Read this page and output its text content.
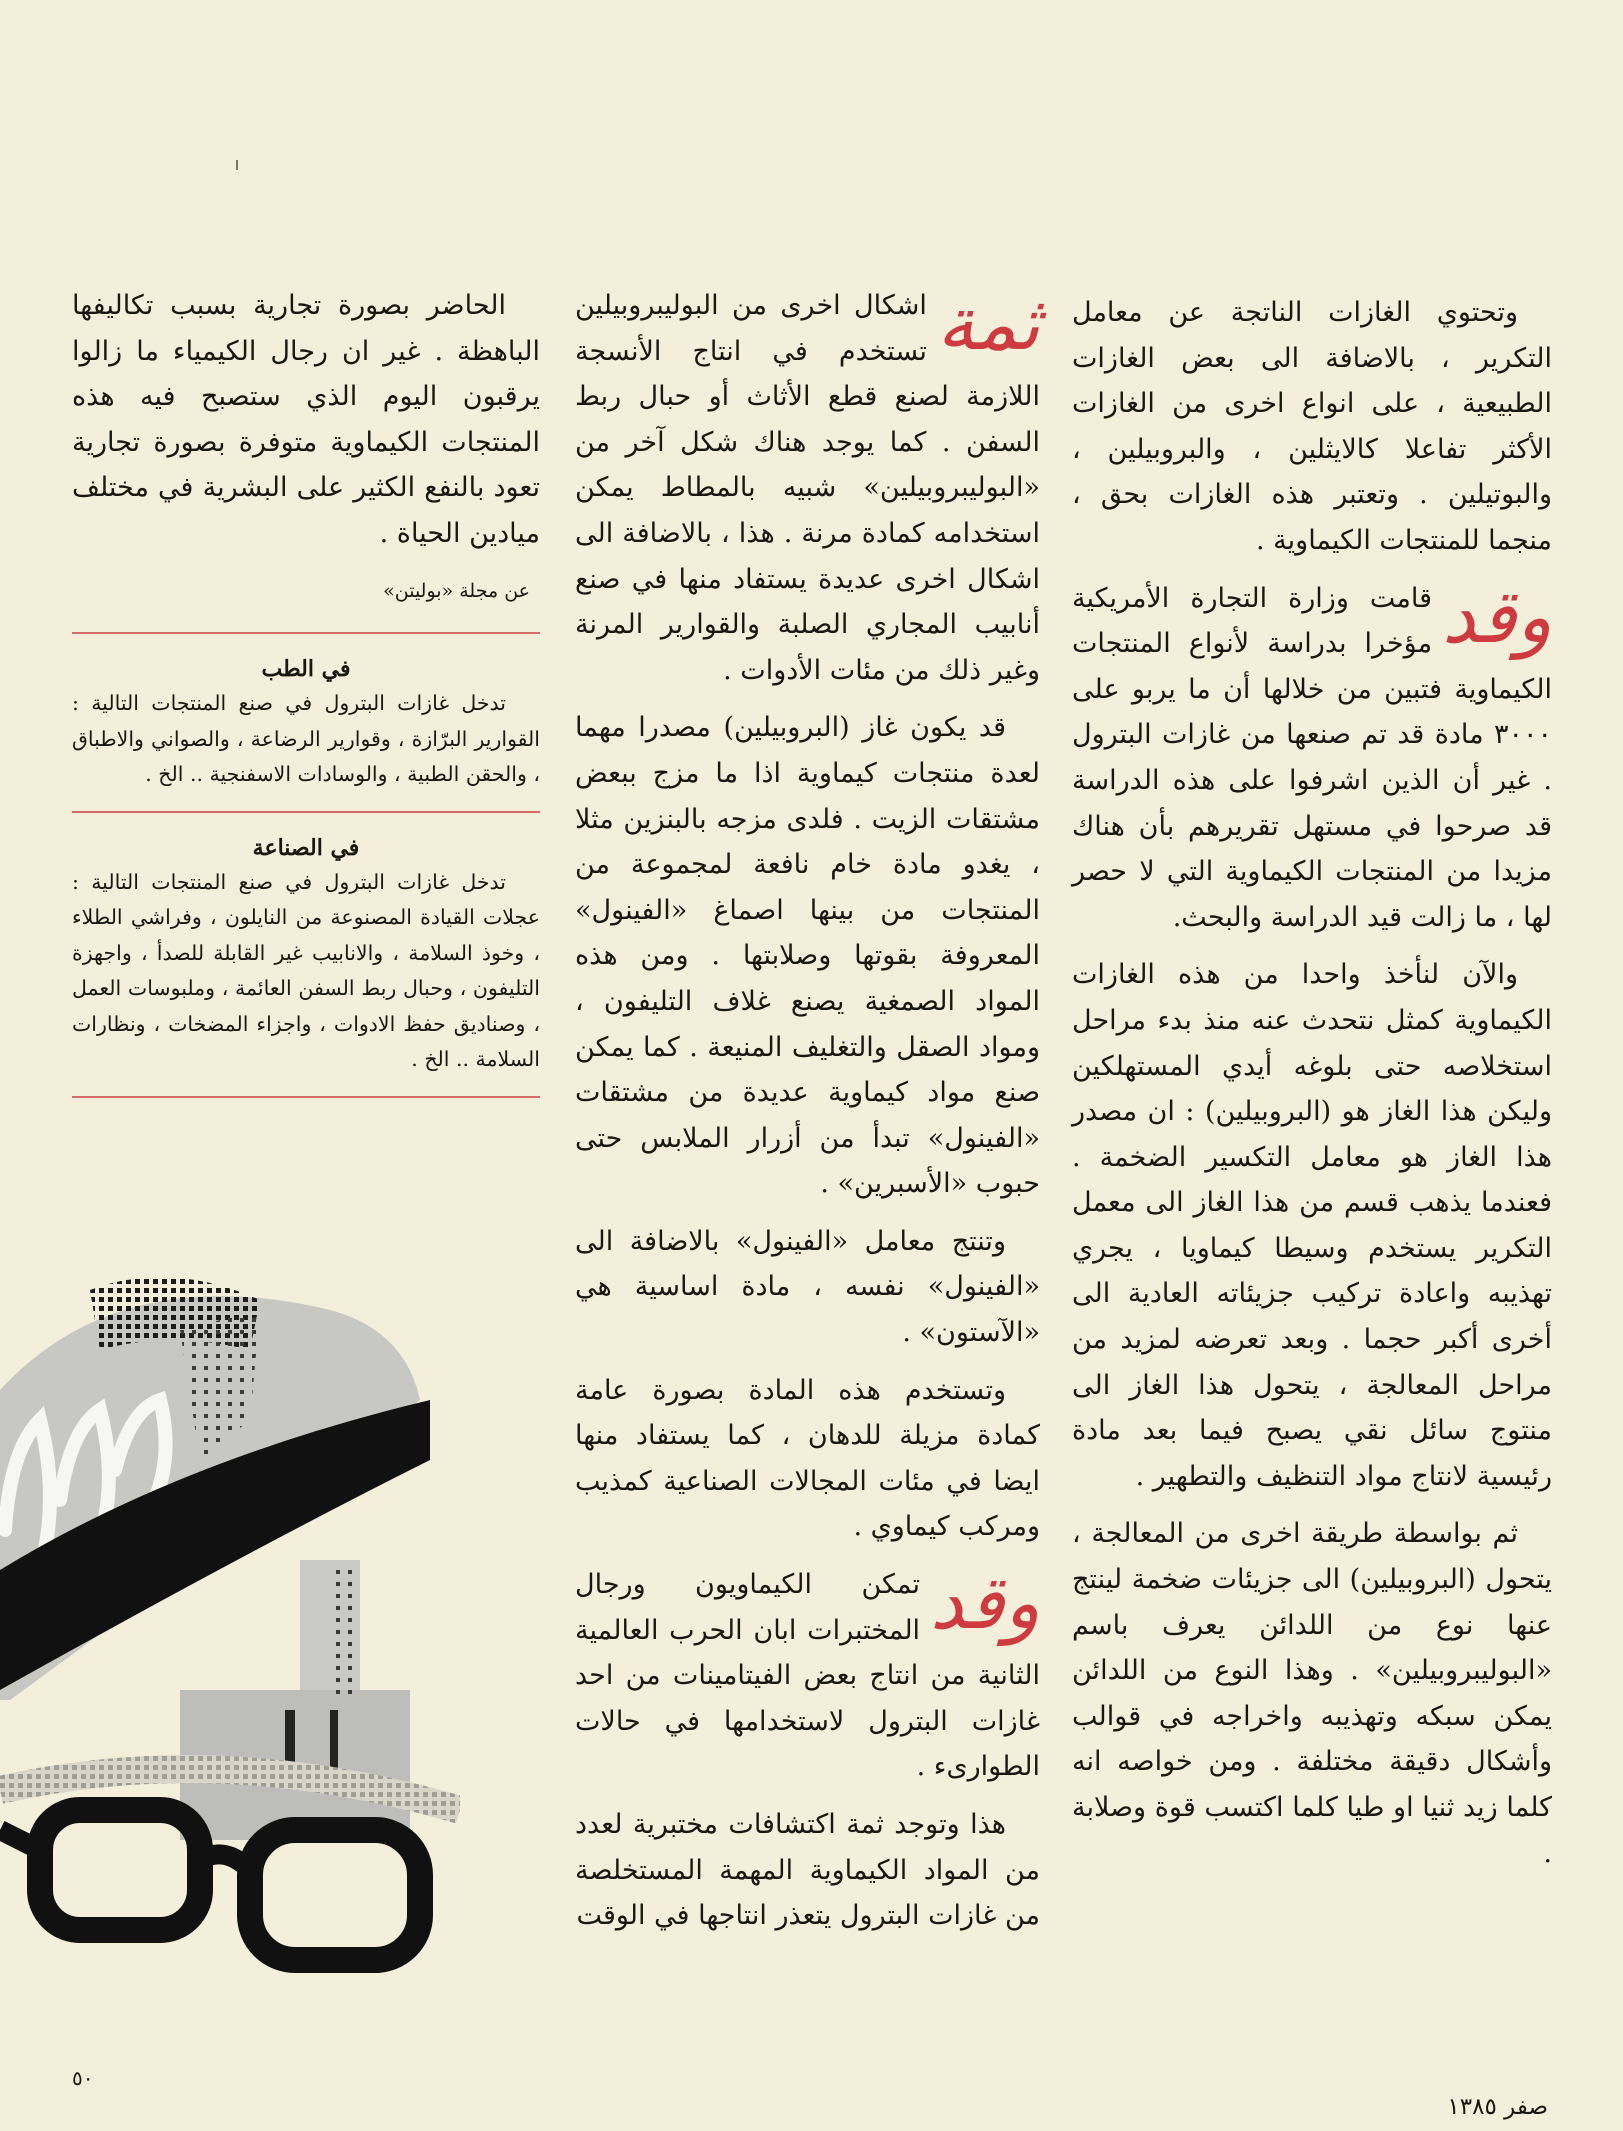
وتحتوي الغازات الناتجة عن معامل التكرير ، بالاضافة الى بعض الغازات الطبيعية ، على انواع اخرى من الغازات الأكثر تفاعلا كالايثلين ، والبروبيلين ، والبوتيلين . وتعتبر هذه الغازات بحق ، منجما للمنتجات الكيماوية .

وقد
قامت وزارة التجارة الأمريكية مؤخرا بدراسة لأنواع المنتجات الكيماوية فتبين من خلالها أن ما يربو على ٣٠٠٠ مادة قد تم صنعها من غازات البترول . غير أن الذين اشرفوا على هذه الدراسة قد صرحوا في مستهل تقريرهم بأن هناك مزيدا من المنتجات الكيماوية التي لا حصر لها ، ما زالت قيد الدراسة والبحث.

والآن لنأخذ واحدا من هذه الغازات الكيماوية كمثل نتحدث عنه منذ بدء مراحل استخلاصه حتى بلوغه أيدي المستهلكين وليكن هذا الغاز هو (البروبيلين) : ان مصدر هذا الغاز هو معامل التكسير الضخمة . فعندما يذهب قسم من هذا الغاز الى معمل التكرير يستخدم وسيطا كيماويا ، يجري تهذيبه واعادة تركيب جزيئاته العادية الى أخرى أكبر حجما . وبعد تعرضه لمزيد من مراحل المعالجة ، يتحول هذا الغاز الى منتوج سائل نقي يصبح فيما بعد مادة رئيسية لانتاج مواد التنظيف والتطهير .

ثم بواسطة طريقة اخرى من المعالجة ، يتحول (البروبيلين) الى جزيئات ضخمة لينتج عنها نوع من اللدائن يعرف باسم «البوليبروبيلين» . وهذا النوع من اللدائن يمكن سبكه وتهذيبه واخراجه في قوالب وأشكال دقيقة مختلفة . ومن خواصه انه كلما زيد ثنيا او طيا كلما اكتسب قوة وصلابة .

ثمة
اشكال اخرى من البوليبروبيلين تستخدم في انتاج الأنسجة اللازمة لصنع قطع الأثاث أو حبال ربط السفن . كما يوجد هناك شكل آخر من «البوليبروبيلين» شبيه بالمطاط يمكن استخدامه كمادة مرنة . هذا ، بالاضافة الى اشكال اخرى عديدة يستفاد منها في صنع أنابيب المجاري الصلبة والقوارير المرنة وغير ذلك من مئات الأدوات .

قد يكون غاز (البروبيلين) مصدرا مهما لعدة منتجات كيماوية اذا ما مزج ببعض مشتقات الزيت . فلدى مزجه بالبنزين مثلا ، يغدو مادة خام نافعة لمجموعة من المنتجات من بينها اصماغ «الفينول» المعروفة بقوتها وصلابتها . ومن هذه المواد الصمغية يصنع غلاف التليفون ، ومواد الصقل والتغليف المنيعة . كما يمكن صنع مواد كيماوية عديدة من مشتقات «الفينول» تبدأ من أزرار الملابس حتى حبوب «الأسبرين» .

وتنتج معامل «الفينول» بالاضافة الى «الفينول» نفسه ، مادة اساسية هي «الآستون» .

وتستخدم هذه المادة بصورة عامة كمادة مزيلة للدهان ، كما يستفاد منها ايضا في مئات المجالات الصناعية كمذيب ومركب كيماوي .

وقد
تمكن الكيماويون ورجال المختبرات ابان الحرب العالمية الثانية من انتاج بعض الفيتامينات من احد غازات البترول لاستخدامها في حالات الطوارىء .

هذا وتوجد ثمة اكتشافات مختبرية لعدد من المواد الكيماوية المهمة المستخلصة من غازات البترول يتعذر انتاجها في الوقت

الحاضر بصورة تجارية بسبب تكاليفها الباهظة . غير ان رجال الكيمياء ما زالوا يرقبون اليوم الذي ستصبح فيه هذه المنتجات الكيماوية متوفرة بصورة تجارية تعود بالنفع الكثير على البشرية في مختلف ميادين الحياة .

عن مجلة «بوليتن»
في الطب

تدخل غازات البترول في صنع المنتجات التالية : القوارير البرّازة ، وقوارير الرضاعة ، والصواني والاطباق ، والحقن الطبية ، والوسادات الاسفنجية .. الخ .

في الصناعة

تدخل غازات البترول في صنع المنتجات التالية : عجلات القيادة المصنوعة من النايلون ، وفراشي الطلاء ، وخوذ السلامة ، والانابيب غير القابلة للصدأ ، واجهزة التليفون ، وحبال ربط السفن العائمة ، وملبوسات العمل ، وصناديق حفظ الادوات ، واجزاء المضخات ، ونظارات السلامة .. الخ .

٥٠
صفر ١٣٨٥
